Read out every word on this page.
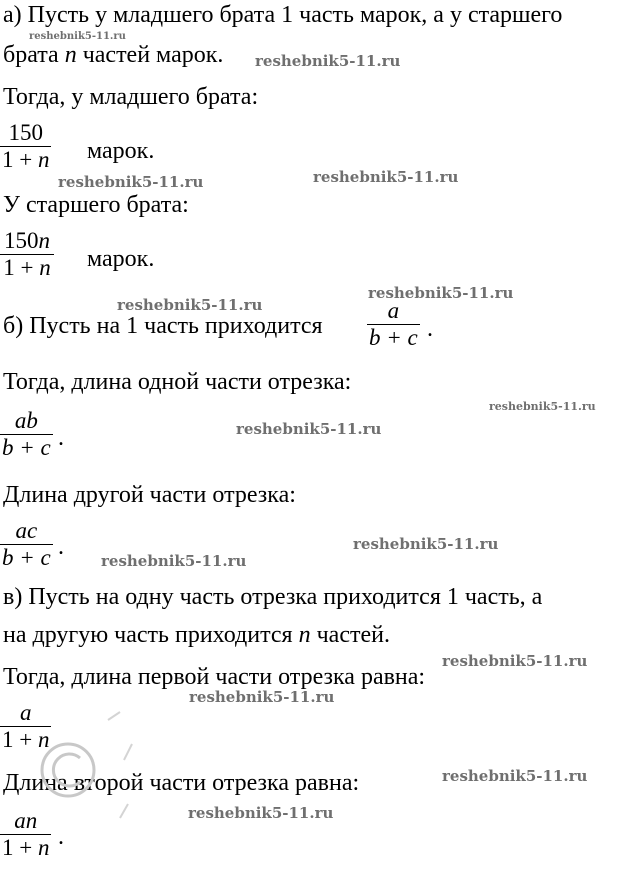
а) Пусть у младшего брата 1 часть марок, а у старшего
брата n частей марок.
Тогда, у младшего брата:
$\frac{150}{1 + n}$ марок.
У старшего брата:
$\frac{150n}{1 + n}$ марок.
б) Пусть на 1 часть приходится $\frac{a}{b + c}$ .
Тогда, длина одной части отрезка:
$\frac{ab}{b + c}$ .
Длина другой части отрезка:
$\frac{ac}{b + c}$ .
в) Пусть на одну часть отрезка приходится 1 часть, а
на другую часть приходится n частей.
Тогда, длина первой части отрезка равна:
$\frac{a}{1 + n}$
Длина второй части отрезка равна:
$\frac{an}{1 + n}$ .
reshebnik5-11.ru
reshebnik5-11.ru
reshebnik5-11.ru	reshebnik5-11.ru
reshebnik5-11.ru
reshebnik5-11.ru
reshebnik5-11.ru
reshebnik5-11.ru
reshebnik5-11.ru
reshebnik5-11.ru
reshebnik5-11.ru
reshebnik5-11.ru
reshebnik5-11.ru
reshebnik5-11.ru
